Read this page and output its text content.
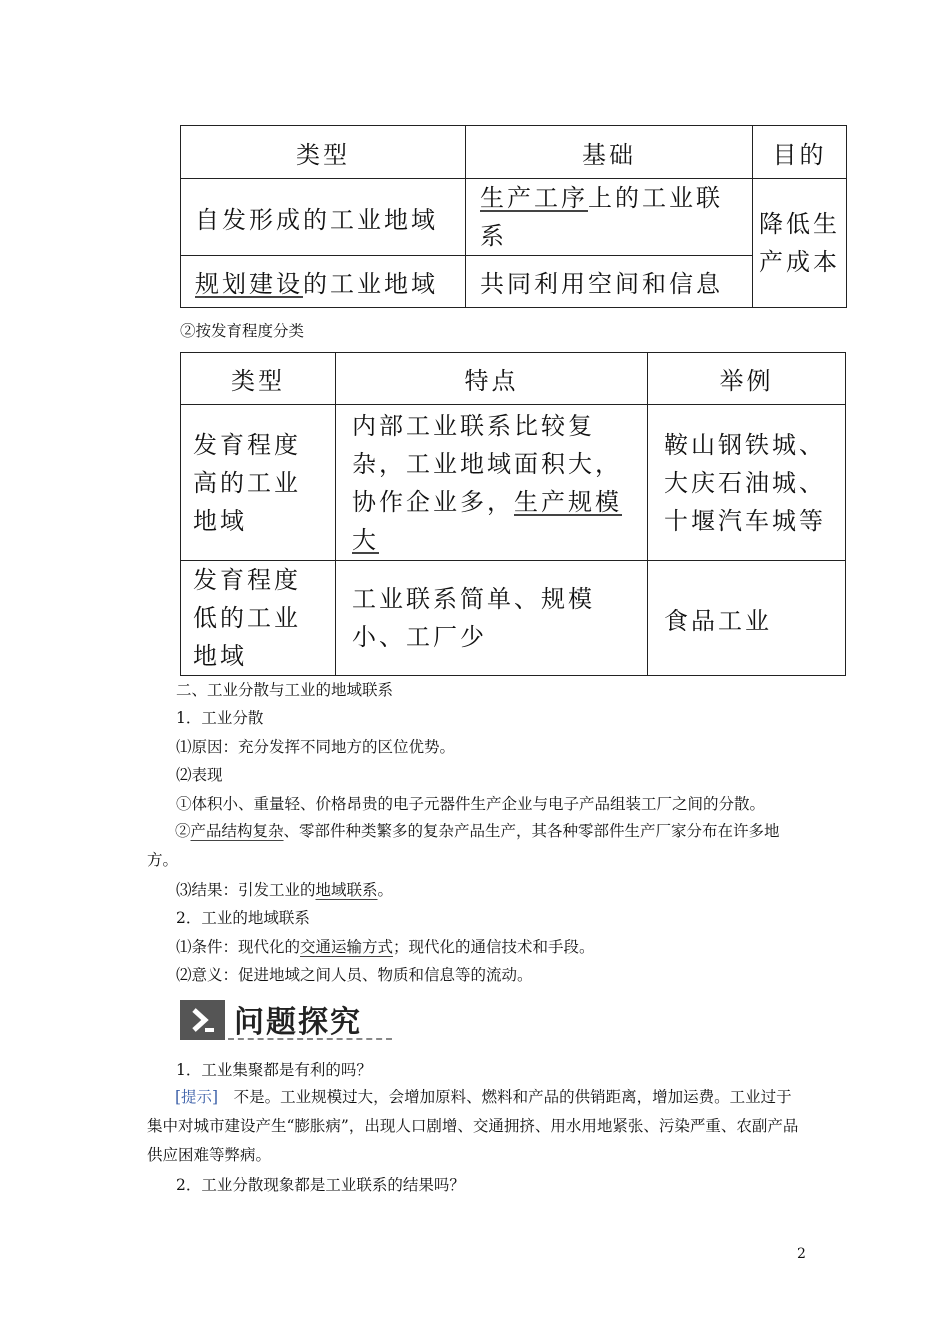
类型	基础	目的
自发形成的工业地域	生产工序上的工业联系	降低生产成本
规划建设的工业地域	共同利用空间和信息	
②按发育程度分类
类型	特点	举例
发育程度高的工业地域	内部工业联系比较复杂，工业地域面积大，协作企业多，生产规模大	鞍山钢铁城、大庆石油城、十堰汽车城等
发育程度低的工业地域	工业联系简单、规模小、工厂少	食品工业
二、工业分散与工业的地域联系
1．工业分散
⑴原因：充分发挥不同地方的区位优势。
⑵表现
①体积小、重量轻、价格昂贵的电子元器件生产企业与电子产品组装工厂之间的分散。
②产品结构复杂、零部件种类繁多的复杂产品生产，其各种零部件生产厂家分布在许多地方。
⑶结果：引发工业的地域联系。
2．工业的地域联系
⑴条件：现代化的交通运输方式；现代化的通信技术和手段。
⑵意义：促进地域之间人员、物质和信息等的流动。
问题探究
1．工业集聚都是有利的吗？
[提示]　 不是。工业规模过大，会增加原料、燃料和产品的供销距离，增加运费。工业过于集中对城市建设产生“膨胀病”，出现人口剧增、交通拥挤、用水用地紧张、污染严重、农副产品供应困难等弊病。
2．工业分散现象都是工业联系的结果吗？
2
